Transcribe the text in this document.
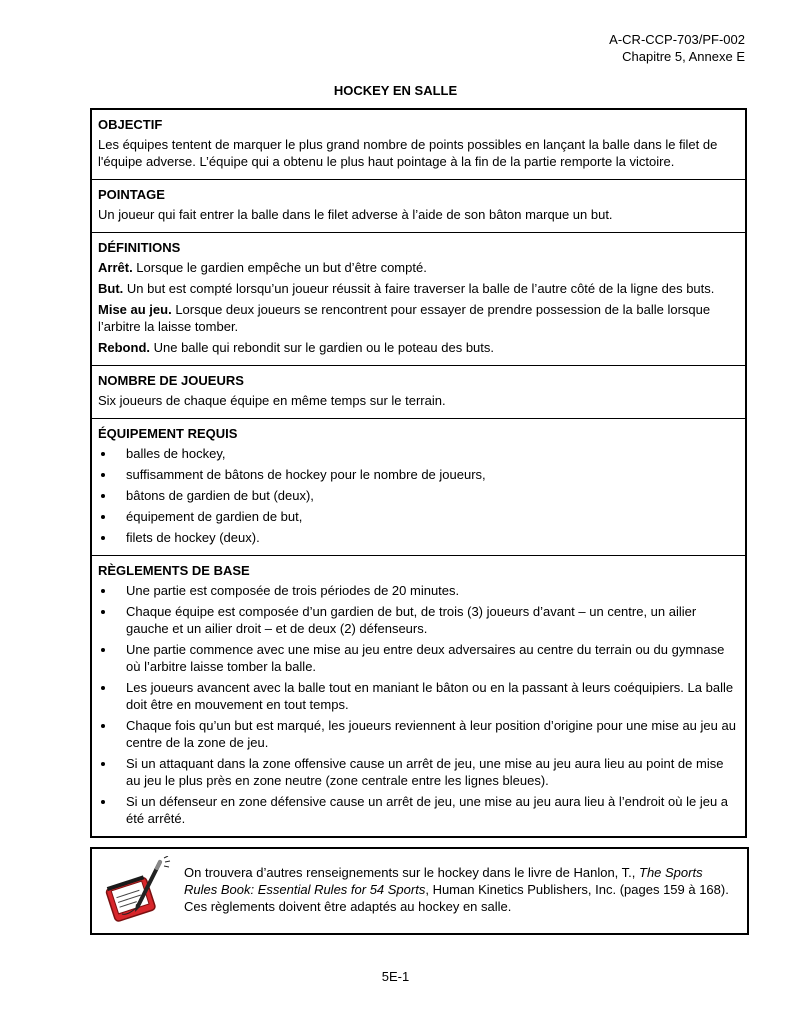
A-CR-CCP-703/PF-002
Chapitre 5, Annexe E
HOCKEY EN SALLE
OBJECTIF

Les équipes tentent de marquer le plus grand nombre de points possibles en lançant la balle dans le filet de l'équipe adverse. L’équipe qui a obtenu le plus haut pointage à la fin de la partie remporte la victoire.

POINTAGE

Un joueur qui fait entrer la balle dans le filet adverse à l’aide de son bâton marque un but.

DÉFINITIONS

Arrêt. Lorsque le gardien empêche un but d’être compté.

But. Un but est compté lorsqu’un joueur réussit à faire traverser la balle de l’autre côté de la ligne des buts.

Mise au jeu. Lorsque deux joueurs se rencontrent pour essayer de prendre possession de la balle lorsque l’arbitre la laisse tomber.

Rebond. Une balle qui rebondit sur le gardien ou le poteau des buts.

NOMBRE DE JOUEURS

Six joueurs de chaque équipe en même temps sur le terrain.

ÉQUIPEMENT REQUIS
balles de hockey,
suffisamment de bâtons de hockey pour le nombre de joueurs,
bâtons de gardien de but (deux),
équipement de gardien de but,
filets de hockey (deux).
RÈGLEMENTS DE BASE
Une partie est composée de trois périodes de 20 minutes.
Chaque équipe est composée d’un gardien de but, de trois (3) joueurs d’avant – un centre, un ailier gauche et un ailier droit – et de deux (2) défenseurs.
Une partie commence avec une mise au jeu entre deux adversaires au centre du terrain ou du gymnase où l’arbitre laisse tomber la balle.
Les joueurs avancent avec la balle tout en maniant le bâton ou en la passant à leurs coéquipiers. La balle doit être en mouvement en tout temps.
Chaque fois qu’un but est marqué, les joueurs reviennent à leur position d’origine pour une mise au jeu au centre de la zone de jeu.
Si un attaquant dans la zone offensive cause un arrêt de jeu, une mise au jeu aura lieu au point de mise au jeu le plus près en zone neutre (zone centrale entre les lignes bleues).
Si un défenseur en zone défensive cause un arrêt de jeu, une mise au jeu aura lieu à l’endroit où le jeu a été arrêté.
On trouvera d’autres renseignements sur le hockey dans le livre de Hanlon, T., The Sports Rules Book: Essential Rules for 54 Sports, Human Kinetics Publishers, Inc. (pages 159 à 168). Ces règlements doivent être adaptés au hockey en salle.
5E-1
